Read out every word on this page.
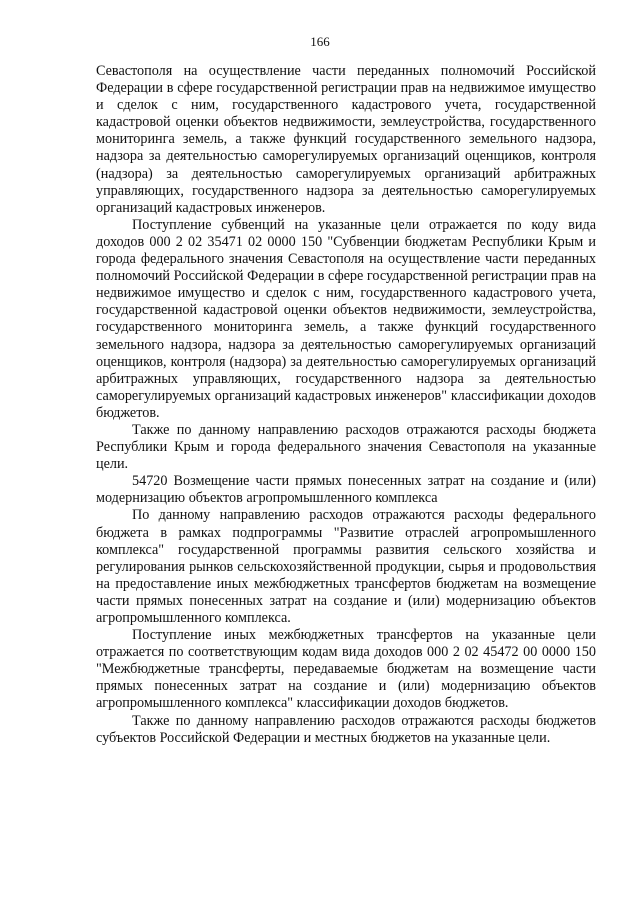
166

Севастополя на осуществление части переданных полномочий Российской Федерации в сфере государственной регистрации прав на недвижимое имущество и сделок с ним, государственного кадастрового учета, государственной кадастровой оценки объектов недвижимости, землеустройства, государственного мониторинга земель, а также функций государственного земельного надзора, надзора за деятельностью саморегулируемых организаций оценщиков, контроля (надзора) за деятельностью саморегулируемых организаций арбитражных управляющих, государственного надзора за деятельностью саморегулируемых организаций кадастровых инженеров.

Поступление субвенций на указанные цели отражается по коду вида доходов 000 2 02 35471 02 0000 150 "Субвенции бюджетам Республики Крым и города федерального значения Севастополя на осуществление части переданных полномочий Российской Федерации в сфере государственной регистрации прав на недвижимое имущество и сделок с ним, государственного кадастрового учета, государственной кадастровой оценки объектов недвижимости, землеустройства, государственного мониторинга земель, а также функций государственного земельного надзора, надзора за деятельностью саморегулируемых организаций оценщиков, контроля (надзора) за деятельностью саморегулируемых организаций арбитражных управляющих, государственного надзора за деятельностью саморегулируемых организаций кадастровых инженеров" классификации доходов бюджетов.

Также по данному направлению расходов отражаются расходы бюджета Республики Крым и города федерального значения Севастополя на указанные цели.

54720 Возмещение части прямых понесенных затрат на создание и (или) модернизацию объектов агропромышленного комплекса

По данному направлению расходов отражаются расходы федерального бюджета в рамках подпрограммы "Развитие отраслей агропромышленного комплекса" государственной программы развития сельского хозяйства и регулирования рынков сельскохозяйственной продукции, сырья и продовольствия на предоставление иных межбюджетных трансфертов бюджетам на возмещение части прямых понесенных затрат на создание и (или) модернизацию объектов агропромышленного комплекса.

Поступление иных межбюджетных трансфертов на указанные цели отражается по соответствующим кодам вида доходов 000 2 02 45472 00 0000 150 "Межбюджетные трансферты, передаваемые бюджетам на возмещение части прямых понесенных затрат на создание и (или) модернизацию объектов агропромышленного комплекса" классификации доходов бюджетов.

Также по данному направлению расходов отражаются расходы бюджетов субъектов Российской Федерации и местных бюджетов на указанные цели.
